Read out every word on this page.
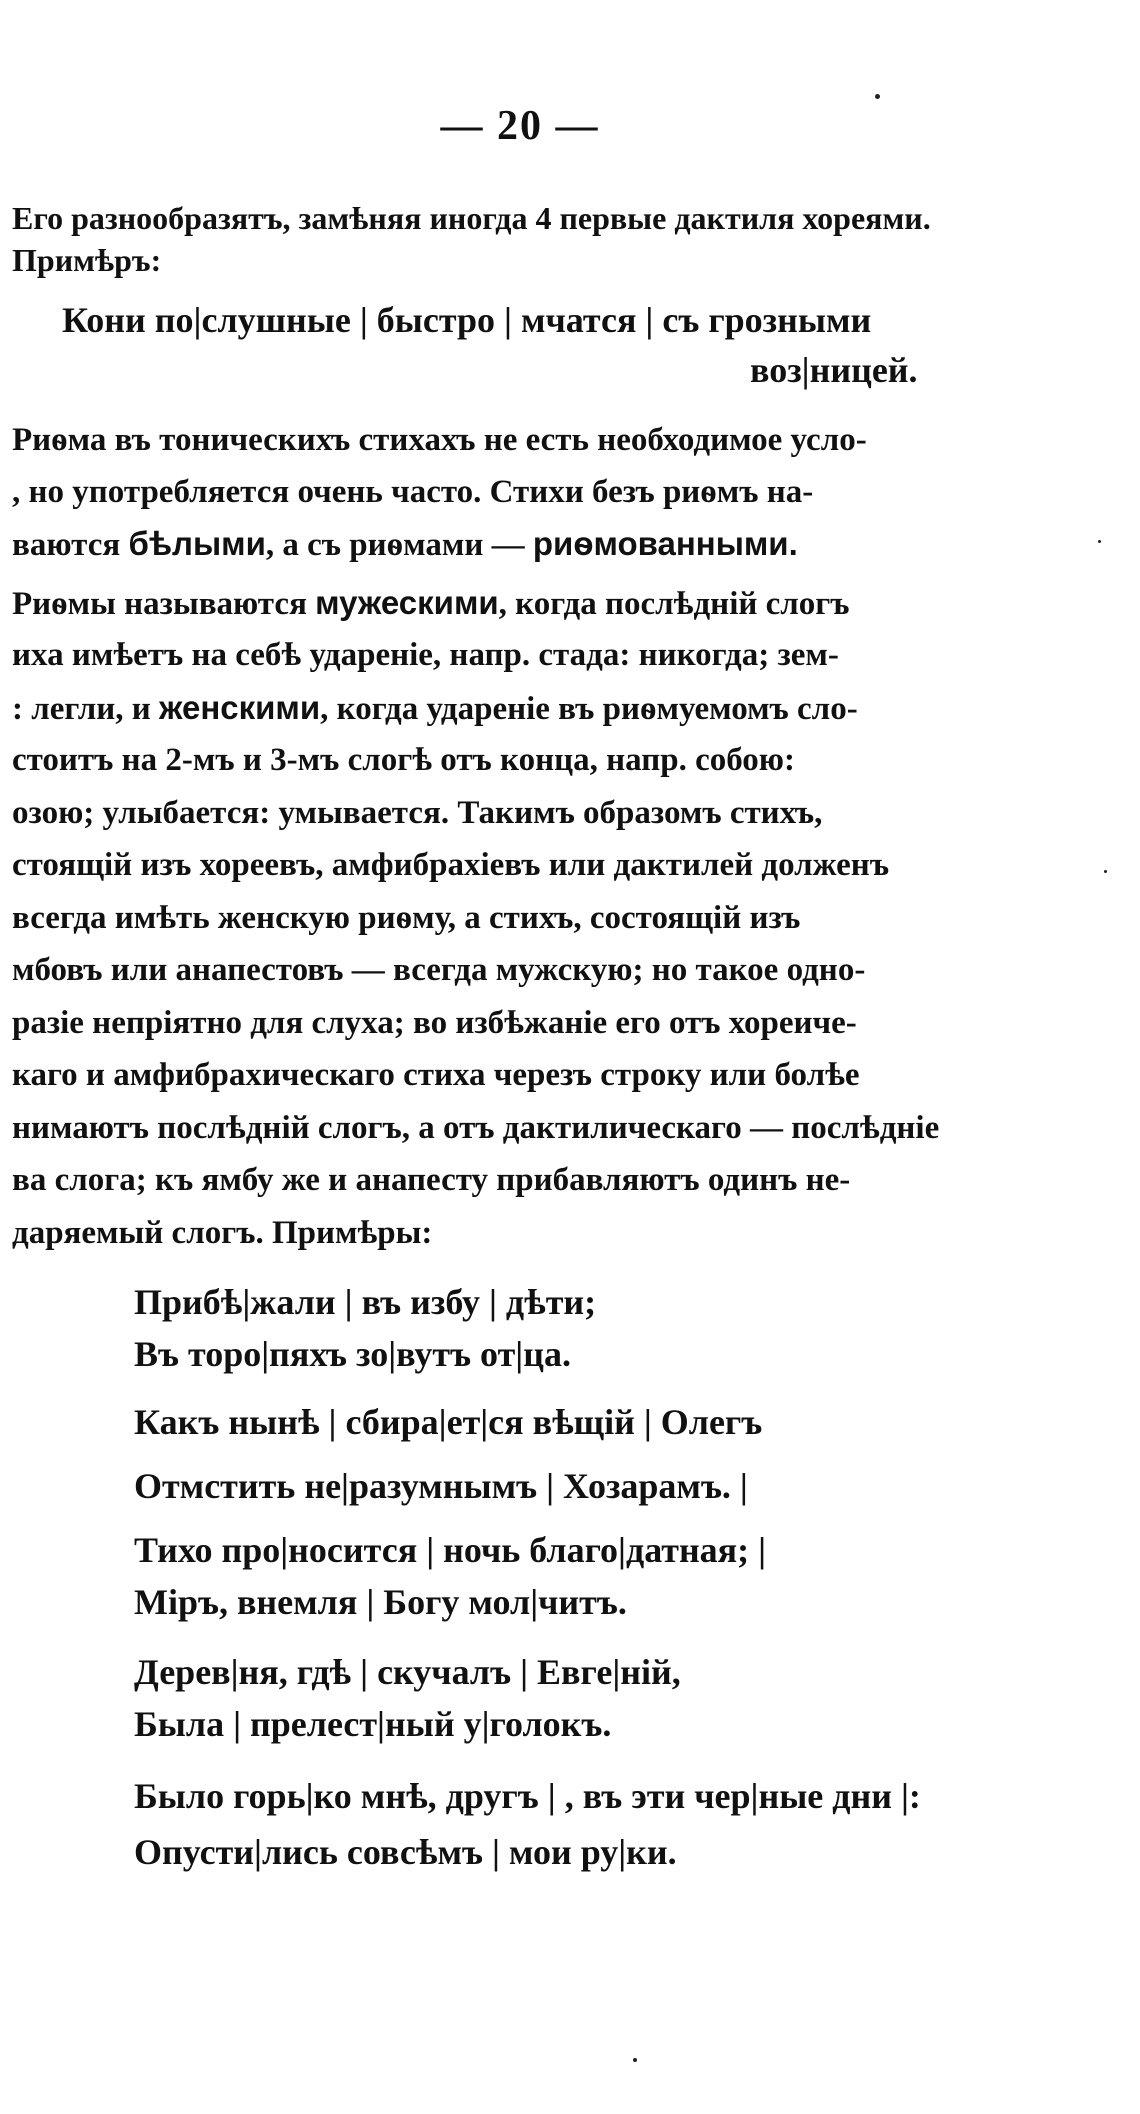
— 20 —
Его разнообразятъ, замѣняя иногда 4 первые дактиля хореями.
Примѣръ:
Кони по|слушные | быстро | мчатся | съ грозными
воз|ницей.
Риѳма въ тоническихъ стихахъ не есть необходимое усло-
, но употребляется очень часто. Стихи безъ риѳмъ на-
ваются бѣлыми, а съ риѳмами — риѳмованными.
Риѳмы называются мужескими, когда послѣдній слогъ
иха имѣетъ на себѣ удареніе, напр. стада: никогда; зем-
: легли, и женскими, когда удареніе въ риѳмуемомъ сло-
стоитъ на 2-мъ и 3-мъ слогѣ отъ конца, напр. собою:
озою; улыбается: умывается. Такимъ образомъ стихъ,
стоящій изъ хореевъ, амфибрахіевъ или дактилей долженъ
всегда имѣть женскую риѳму, а стихъ, состоящій изъ
мбовъ или анапестовъ — всегда мужскую; но такое одно-
разіе непріятно для слуха; во избѣжаніе его отъ хореиче-
каго и амфибрахическаго стиха черезъ строку или болѣе
нимаютъ послѣдній слогъ, а отъ дактилическаго — послѣдніе
ва слога; къ ямбу же и анапесту прибавляютъ одинъ не-
даряемый слогъ. Примѣры:
Прибѣ|жали | въ избу | дѣти;
Въ торо|пяхъ зо|вутъ от|ца.
Какъ нынѣ | сбира|ет|ся вѣщій | Олегъ
Отмстить не|разумнымъ | Хозарамъ. |
Тихо про|носится | ночь благо|датная; |
Міръ, внемля | Богу мол|читъ.
Дерев|ня, гдѣ | скучалъ | Евге|ній,
Была | прелест|ный у|голокъ.
Было горь|ко мнѣ, другъ | , въ эти чер|ные дни |:
Опусти|лись совсѣмъ | мои ру|ки.
